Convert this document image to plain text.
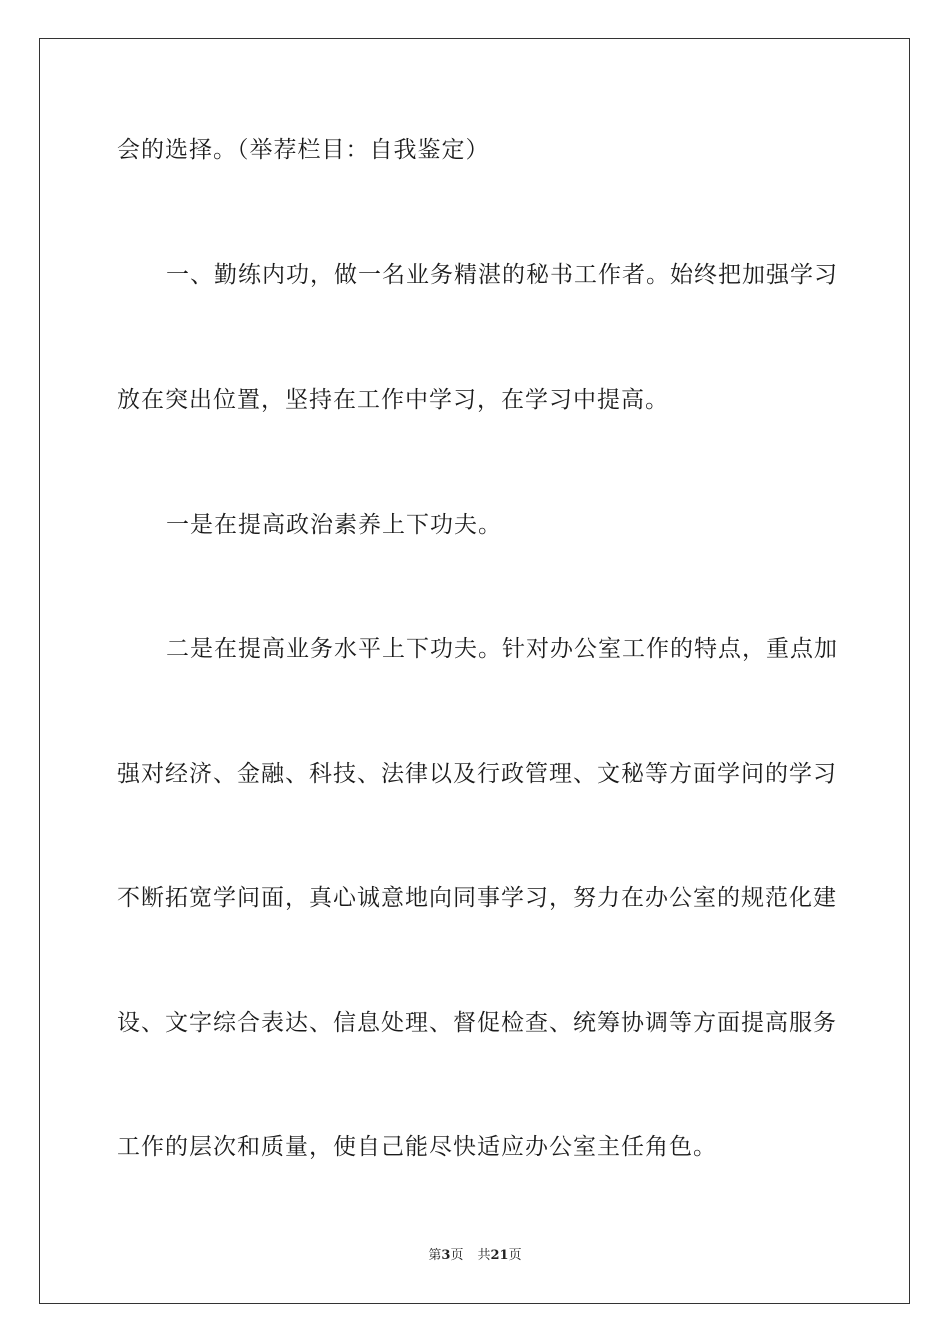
会的选择。（举荐栏目：自我鉴定）
一、勤练内功，做一名业务精湛的秘书工作者。始终把加强学习
放在突出位置，坚持在工作中学习，在学习中提高。
一是在提高政治素养上下功夫。
二是在提高业务水平上下功夫。针对办公室工作的特点，重点加
强对经济、金融、科技、法律以及行政管理、文秘等方面学问的学习
不断拓宽学问面，真心诚意地向同事学习，努力在办公室的规范化建
设、文字综合表达、信息处理、督促检查、统筹协调等方面提高服务
工作的层次和质量，使自己能尽快适应办公室主任角色。
第3页 共21页
